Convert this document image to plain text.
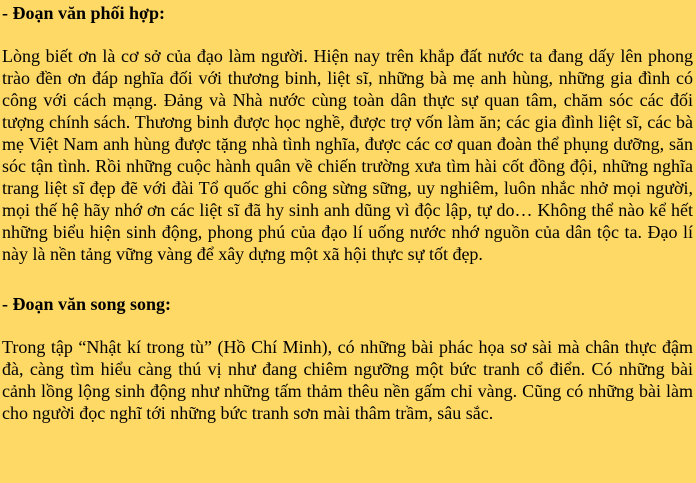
- Đoạn văn phối hợp:

Lòng biết ơn là cơ sở của đạo làm người. Hiện nay trên khắp đất nước ta đang dấy lên phong trào đền ơn đáp nghĩa đối với thương binh, liệt sĩ, những bà mẹ anh hùng, những gia đình có công với cách mạng. Đảng và Nhà nước cùng toàn dân thực sự quan tâm, chăm sóc các đối tượng chính sách. Thương binh được học nghề, được trợ vốn làm ăn; các gia đình liệt sĩ, các bà mẹ Việt Nam anh hùng được tặng nhà tình nghĩa, được các cơ quan đoàn thể phụng dưỡng, săn sóc tận tình. Rồi những cuộc hành quân về chiến trường xưa tìm hài cốt đồng đội, những nghĩa trang liệt sĩ đẹp đẽ với đài Tổ quốc ghi công sừng sững, uy nghiêm, luôn nhắc nhở mọi người, mọi thế hệ hãy nhớ ơn các liệt sĩ đã hy sinh anh dũng vì độc lập, tự do… Không thể nào kể hết những biểu hiện sinh động, phong phú của đạo lí uống nước nhớ nguồn của dân tộc ta. Đạo lí này là nền tảng vững vàng để xây dựng một xã hội thực sự tốt đẹp.

- Đoạn văn song song:

Trong tập “Nhật kí trong tù” (Hồ Chí Minh), có những bài phác họa sơ sài mà chân thực đậm đà, càng tìm hiểu càng thú vị như đang chiêm ngưỡng một bức tranh cổ điển. Có những bài cảnh lồng lộng sinh động như những tấm thảm thêu nền gấm chỉ vàng. Cũng có những bài làm cho người đọc nghĩ tới những bức tranh sơn mài thâm trầm, sâu sắc.
